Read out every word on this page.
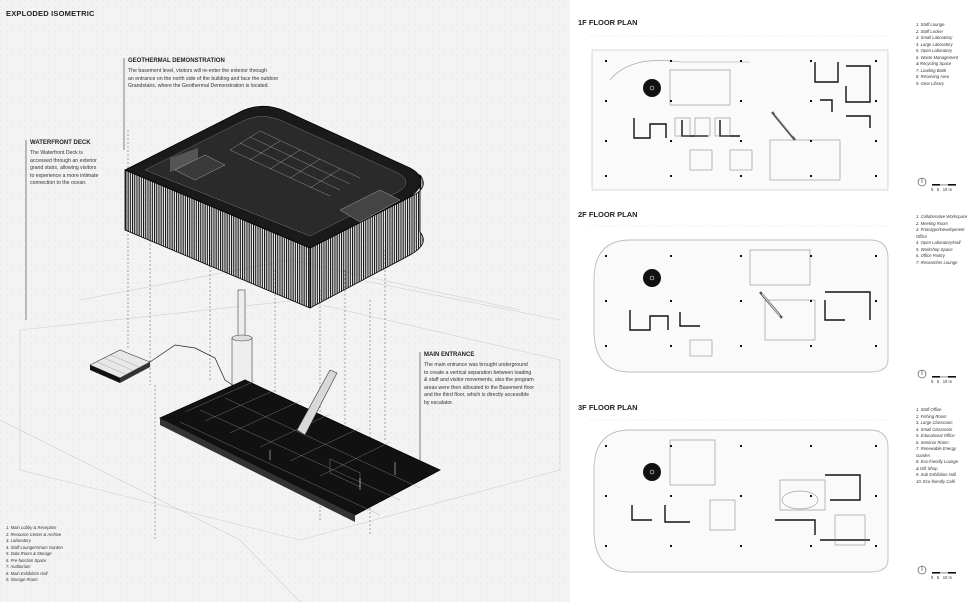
EXPLODED ISOMETRIC
GEOTHERMAL DEMONSTRATION
The basement level, visitors will re-enter the exterior through
an entrance on the north side of the building and face the outdoor
Grandstairs, where the Geothermal Demonstration is located.
WATERFRONT DECK
The Waterfront Deck is
accessed through an exterior
grand stairs, allowing visitors
to experience a more intimate
connection to the ocean.
MAIN ENTRANCE
The main entrance was brought underground
to create a vertical separation between loading
& staff and visitor movements, also the program
areas were then allocated to the Basement floor
and the third floor, which is directly accessible
by escalator.
1. Main Lobby & Reception
2. Resource Center & Archive
3. Laboratory
4. Staff Lounge/Atrium Garden
5. Data Room & Storage
6. Pre-function Space
7. Auditorium
8. Main Exhibition Hall
9. Storage Room
1F FLOOR PLAN
2F FLOOR PLAN
3F FLOOR PLAN
1. Staff Lounge
2. Staff Locker
3. Small Laboratory
4. Large Laboratory
5. Open Laboratory
6. Waste Management
& Recycling Space
7. Loading Bank
8. Receiving Area
9. Gear Library
1. Collaborative Workspace
2. Meeting Room
3. Prototype/Development
Office
4. Open Laboratory/Hall
5. Workshop Space
6. Office Pantry
7. Researcher Lounge
1. Staff Office
2. Fishing Room
3. Large Classroom
4. Small Classroom
5. Educational Office
6. Seminar Room
7. Renewable Energy
Garden
8. Eco-friendly Lounge
& Gift Shop
9. Sub Exhibition Hall
10. Eco-friendly Café
0 5 10 m
0 5 10 m
0 5 10 m
